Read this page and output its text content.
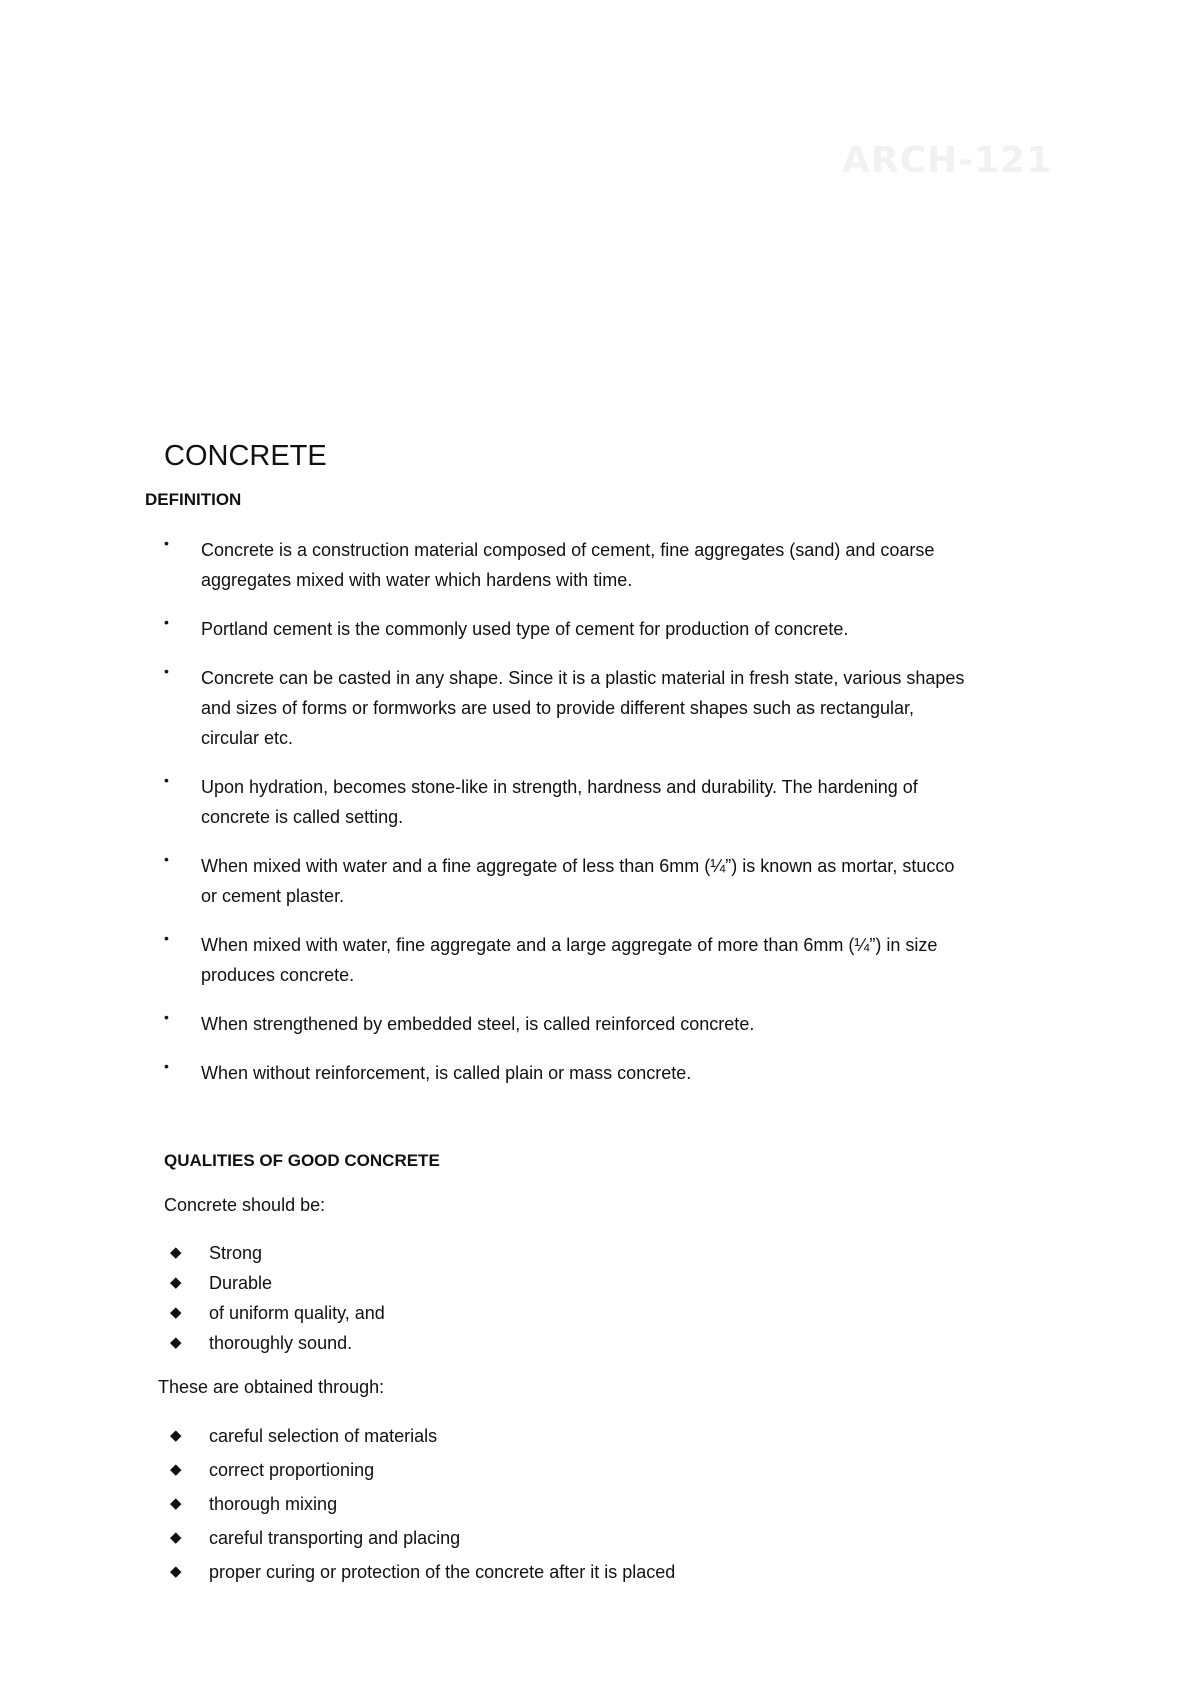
ARCH-121
CONCRETE
DEFINITION
• Concrete is a construction material composed of cement, fine aggregates (sand) and coarse
aggregates mixed with water which hardens with time.
• Portland cement is the commonly used type of cement for production of concrete.
• Concrete can be casted in any shape. Since it is a plastic material in fresh state, various shapes
and sizes of forms or formworks are used to provide different shapes such as rectangular,
circular etc.
• Upon hydration, becomes stone-like in strength, hardness and durability. The hardening of
concrete is called setting.
• When mixed with water and a fine aggregate of less than 6mm (¼”) is known as mortar, stucco
or cement plaster.
• When mixed with water, fine aggregate and a large aggregate of more than 6mm (¼”) in size
produces concrete.
• When strengthened by embedded steel, is called reinforced concrete.
• When without reinforcement, is called plain or mass concrete.
QUALITIES OF GOOD CONCRETE
Concrete should be:
◆ Strong
◆ Durable
◆ of uniform quality, and
◆ thoroughly sound.
These are obtained through:
◆ careful selection of materials
◆ correct proportioning
◆ thorough mixing
◆ careful transporting and placing
◆ proper curing or protection of the concrete after it is placed
